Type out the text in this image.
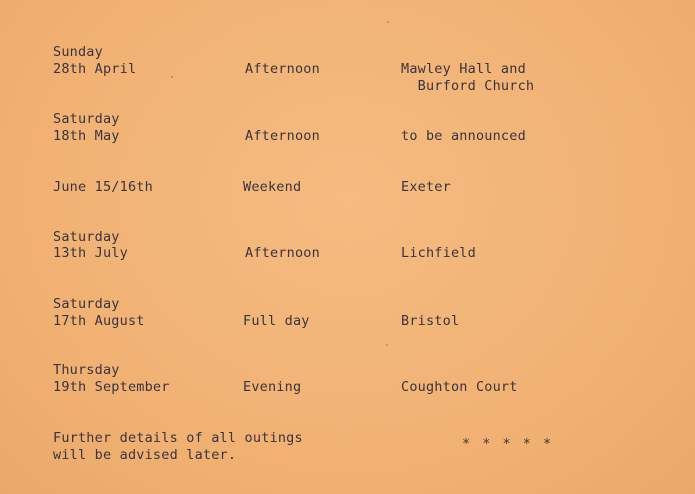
Sunday
28th April	Afternoon	Mawley Hall and
Burford Church
Saturday
18th May	Afternoon	to be announced
June 15/16th	Weekend	Exeter
Saturday
13th July	Afternoon	Lichfield
Saturday
17th August	Full day	Bristol
Thursday
19th September	Evening	Coughton Court
Further details of all outings
will be advised later.
* * * * *
